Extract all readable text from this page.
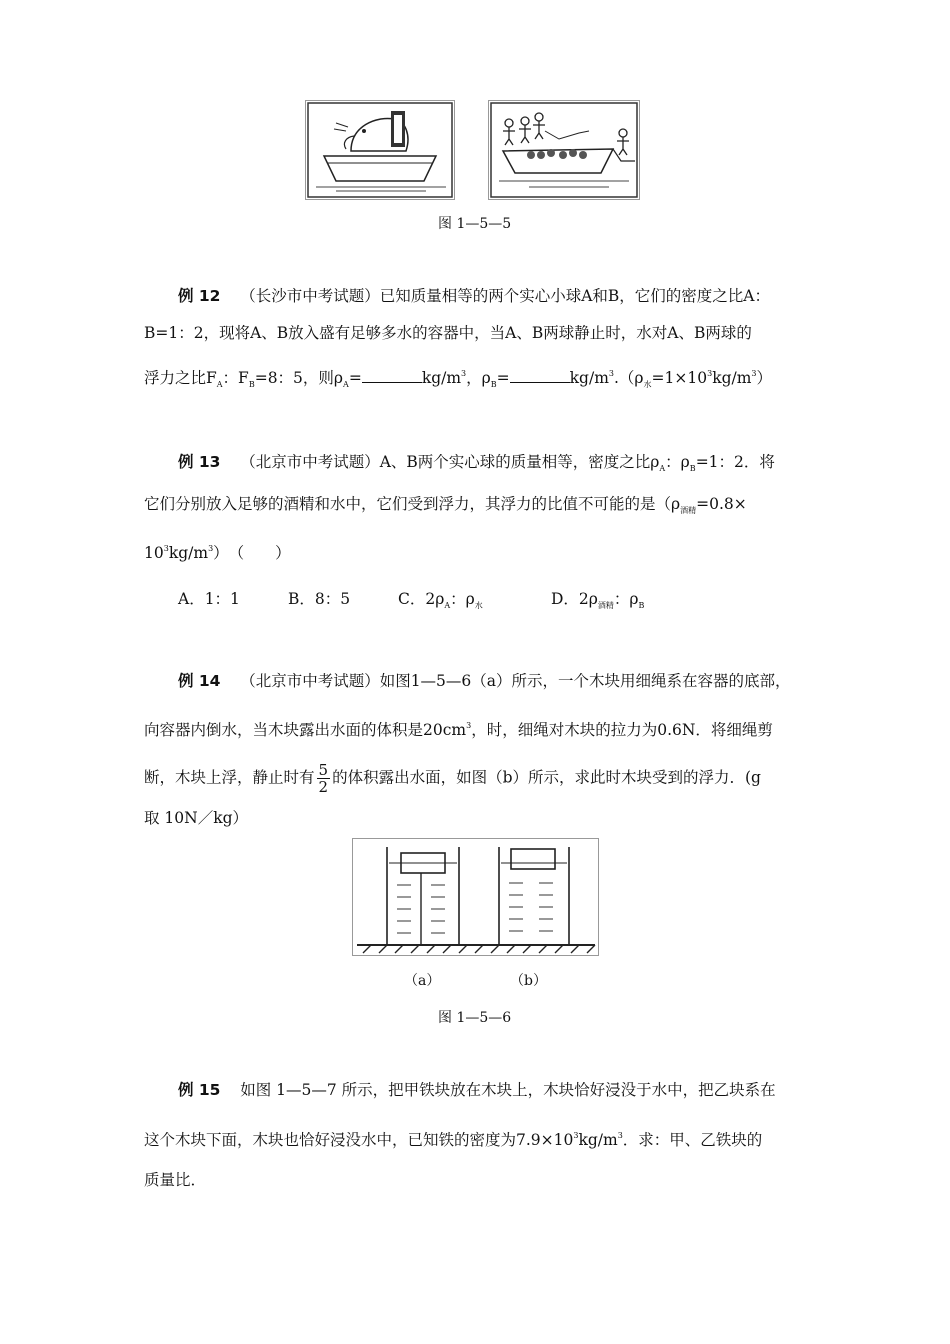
图 1—5—5
例 12 （长沙市中考试题）已知质量相等的两个实心小球A和B，它们的密度之比A：
B=1：2，现将A、B放入盛有足够多水的容器中，当A、B两球静止时，水对A、B两球的
浮力之比$F_A$：$F_B=8$：5，则$\rho_A=$	$kg/m^3$，$\rho_B=$	$kg/m^3.(\rho_水=1\times 10^3kg/m^3)$
例 13 （北京市中考试题）A、B两个实心球的质量相等，密度之比$\rho_A$：$\rho_B=1$：2．将
它们分别放入足够的酒精和水中，它们受到浮力，其浮力的比值不可能的是（$\rho_{酒精}=0.8\times$
$10^3kg/m^3$）　（　　）
A．1：1	B．8：5	C．$2\rho_A$：$\rho_水$	D．$2\rho_{酒精}$：$\rho_B$
例 14 （北京市中考试题）如图1—5—6（a）所示，一个木块用细绳系在容器的底部，
向容器内倒水，当木块露出水面的体积是$20cm^3$，时，细绳对木块的拉力为0.6N．将细绳剪
断，木块上浮，静止时有 $\frac{5}{2}$ 的体积露出水面，如图（b）所示，求此时木块受到的浮力．(g
取 10N／kg）
（a）	（b）
图 1—5—6
例 15 如图 1—5—7 所示，把甲铁块放在木块上，木块恰好浸没于水中，把乙块系在
这个木块下面，木块也恰好浸没水中，已知铁的密度为$7.9\times 10^3kg/m^3$．求：甲、乙铁块的
质量比．
